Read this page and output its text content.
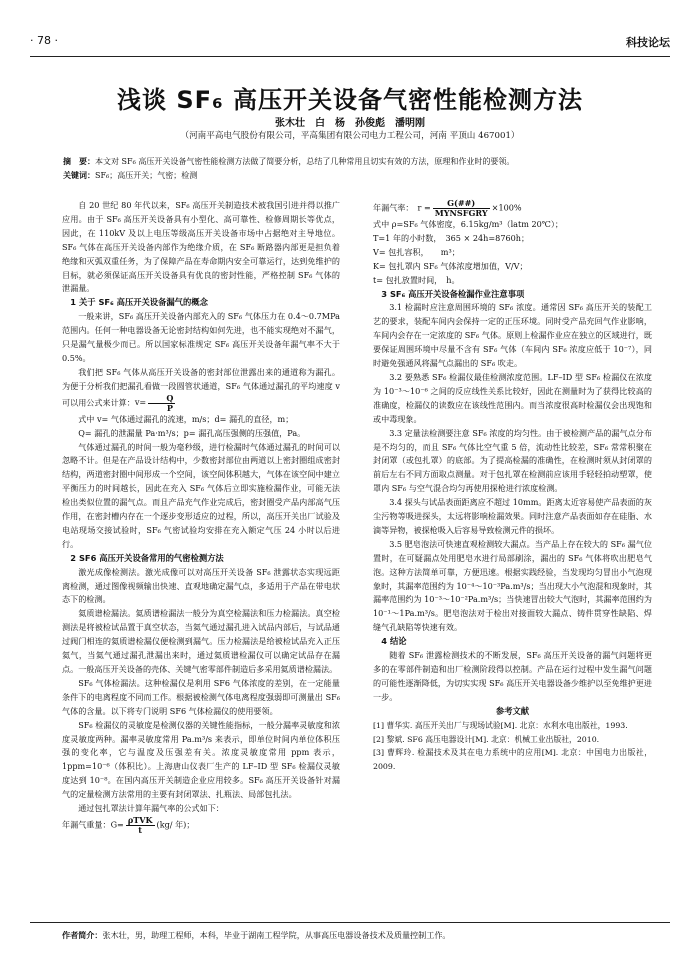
· 78 ·	科技论坛
浅谈 SF₆ 高压开关设备气密性能检测方法
张木壮　白　杨　孙俊彪　潘明刚
（河南平高电气股份有限公司，平高集团有限公司电力工程公司，河南 平顶山 467001）
摘　要：本文对 SF₆ 高压开关设备气密性能检测方法做了简要分析，总结了几种常用且切实有效的方法，原理和作业时的要领。
关键词：SF₆；高压开关；气密；检测

自 20 世纪 80 年代以来，SF₆ 高压开关制造技术被我国引进并得以推广应用。由于 SF₆ 高压开关设备具有小型化、高可靠性、检修周期长等优点，因此，在 110kV 及以上电压等级高压开关设备市场中占据绝对主导地位。SF₆ 气体在高压开关设备内部作为绝缘介质，在 SF₆ 断路器内部更是担负着绝缘和灭弧双重任务，为了保障产品在寿命期内安全可靠运行，达到免维护的目标，就必须保证高压开关设备具有优良的密封性能，严格控制 SF₆ 气体的泄漏量。

1 关于 SF₆ 高压开关设备漏气的概念

一般来讲，SF₆ 高压开关设备内部充入的 SF₆ 气体压力在 0.4～0.7MPa 范围内。任何一种电器设备无论密封结构如何先进，也不能实现绝对不漏气，只是漏气量极少而已。所以国家标准规定 SF₆ 高压开关设备年漏气率不大于 0.5%。

我们把 SF₆ 气体从高压开关设备的密封部位泄露出来的通道称为漏孔。为便于分析我们把漏孔看做一段圆管状通道，SF₆ 气体通过漏孔的平均速度 v 可以用公式来计算：$v= \frac{Q}{P}$

式中 v= 气体通过漏孔的流速，m/s；d= 漏孔的直径，m；

Q= 漏孔的泄漏量 Pa·m³/s；p= 漏孔高压强侧的压强值，Pa。

气体通过漏孔的时间一般为毫秒级，进行检漏时气体通过漏孔的时间可以忽略不计。但是在产品设计结构中，少数密封部位由两道以上密封圈组成密封结构，两道密封圈中间形成一个空间，该空间体积越大，气体在该空间中建立平衡压力的时间越长，因此在充入 SF₆ 气体后立即实施检漏作业，可能无法检出类似位置的漏气点。而且产品充气作业完成后，密封圈受产品内部高气压作用，在密封槽内存在一个逐步变形适应的过程，所以，高压开关出厂试验及电站现场交接试验时，SF₆ 气密试验均安排在充入额定气压 24 小时以后进行。

2 SF6 高压开关设备常用的气密检测方法

激光成像检测法。激光成像可以对高压开关设备 SF₆ 泄露状态实现远距离检测，通过图像视频输出快速、直观地确定漏气点，多适用于产品在带电状态下的检测。

氦质谱检漏法。氦质谱检漏法一般分为真空检漏法和压力检漏法。真空检测法是将被检试品置于真空状态，当氦气通过漏孔进入试品内部后，与试品通过阀门相连的氦质谱检漏仪便检测到漏气。压力检漏法是给被检试品充入正压氦气，当氦气通过漏孔泄漏出来时，通过氦质谱检漏仪可以确定试品存在漏点。一般高压开关设备的壳体、关键气密零部件制造后多采用氦质谱检漏法。

SF₆ 气体检漏法。这种检漏仪是利用 SF6 气体浓度的差别，在一定能量条件下的电离程度不同而工作。根据被检测气体电离程度强弱即可测量出 SF₆ 气体的含量。以下将专门说明 SF6 气体检漏仪的使用要领。

SF₆ 检漏仪的灵敏度是检测仪器的关键性能指标，一般分漏率灵敏度和浓度灵敏度两种。漏率灵敏度常用 Pa.m³/s 来表示，即单位时间内单位体积压强的变化率，它与温度及压强差有关。浓度灵敏度常用 ppm 表示，1ppm=10⁻⁶（体积比）。上海唐山仪表厂生产的 LF–ID 型 SF₆ 检漏仪灵敏度达到 10⁻⁸。在国内高压开关制造企业应用较多。SF₆ 高压开关设备针对漏气的定量检测方法常用的主要有封闭罩法、扎瓶法、局部包扎法。

通过包扎罩法计算年漏气率的公式如下：

年漏气重量：$G= \frac{\text{ρTVK}}{t} (kg/$ 年)；

年漏气率：　$r = \frac{G(\#\#)}{\text{MYNSFGRY}} \times 100\%$

式中 ρ=SF₆ 气体密度，6.15kg/m³（latm 20℃）；

T=1 年的小时数，　365 × 24h=8760h；

V= 包扎容积，　　m³；

K= 包扎罩内 SF₆ 气体浓度增加值，V/V；

t= 包扎放置时间，　h。

3 SF₆ 高压开关设备检漏作业注意事项

3.1 检漏时应注意周围环境的 SF₆ 浓度。通常因 SF₆ 高压开关的装配工艺的要求，装配车间内会保持一定的正压环境。同时受产品充回气作业影响，车间内会存在一定浓度的 SF₆ 气体。原则上检漏作业应在独立的区域进行，既要保证周围环境中尽量不含有 SF₆ 气体（车间内 SF₆ 浓度应低于 10⁻⁷），同时避免强通风将漏气点漏出的 SF₆ 吹走。

3.2 要熟悉 SF₆ 检漏仪最佳检测浓度范围。LF–ID 型 SF₆ 检漏仪在浓度为 10⁻³～10⁻⁶ 之间的反应线性关系比较好，因此在测量时为了获得比较高的准确度，检漏仪的读数应在该线性范围内。而当浓度很高时检漏仪会出现饱和或中毒现象。

3.3 定量法检测要注意 SF₆ 浓度的均匀性。由于被检测产品的漏气点分布是不均匀的，而且 SF₆ 气体比空气重 5 倍，流动性比较差，SF₆ 常常积聚在封闭罩（或包扎罩）的底部。为了提高检漏的准确性，在检测时须从封闭罩的前后左右不同方面取点测量。对于包扎罩在检测前应该用手轻轻拍动塑罩，使罩内 SF₆ 与空气混合均匀再使用探枪进行浓度检测。

3.4 探头与试品表面距离应不超过 10mm。距离太近容易使产品表面的灰尘污物等吸进探头，太远将影响检漏效果。同时注意产品表面如存在硅脂、水滴等异物，被探枪吸入后容易导致检测元件的损坏。

3.5 肥皂泡法可快速直观检测较大漏点。当产品上存在较大的 SF₆ 漏气位置时，在可疑漏点处用肥皂水进行局部刷涂，漏出的 SF₆ 气体将吹出肥皂气泡。这种方法简单可靠，方便迅速。根据实践经验，当发现均匀冒出小气泡现象时，其漏率范围约为 10⁻⁴～10⁻³Pa.m³/s；当出现大小气泡混和现象时，其漏率范围约为 10⁻³～10⁻²Pa.m³/s；当快速冒出较大气泡时，其漏率范围约为 10⁻¹～1Pa.m³/s。肥皂泡法对于检出对接面较大漏点、铸件贯穿性缺陷、焊缝气孔缺陷等快速有效。

4 结论

随着 SF₆ 泄露检测技术的不断发展，SF₆ 高压开关设备的漏气问题将更多的在零部件制造和出厂检测阶段得以控制。产品在运行过程中发生漏气问题的可能性逐渐降低，为切实实现 SF₆ 高压开关电器设备少维护以至免维护更进一步。

参考文献

[1] 曹华实. 高压开关出厂与现场试验[M]. 北京：水利水电出版社，1993.

[2] 黎斌. SF6 高压电器设计[M]. 北京：机械工业出版社，2010.

[3] 曹辉玲. 检漏技术及其在电力系统中的应用[M]. 北京：中国电力出版社，2009.

作者简介：张木壮，男，助理工程师，本科，毕业于湖南工程学院，从事高压电器设备技术及质量控制工作。
